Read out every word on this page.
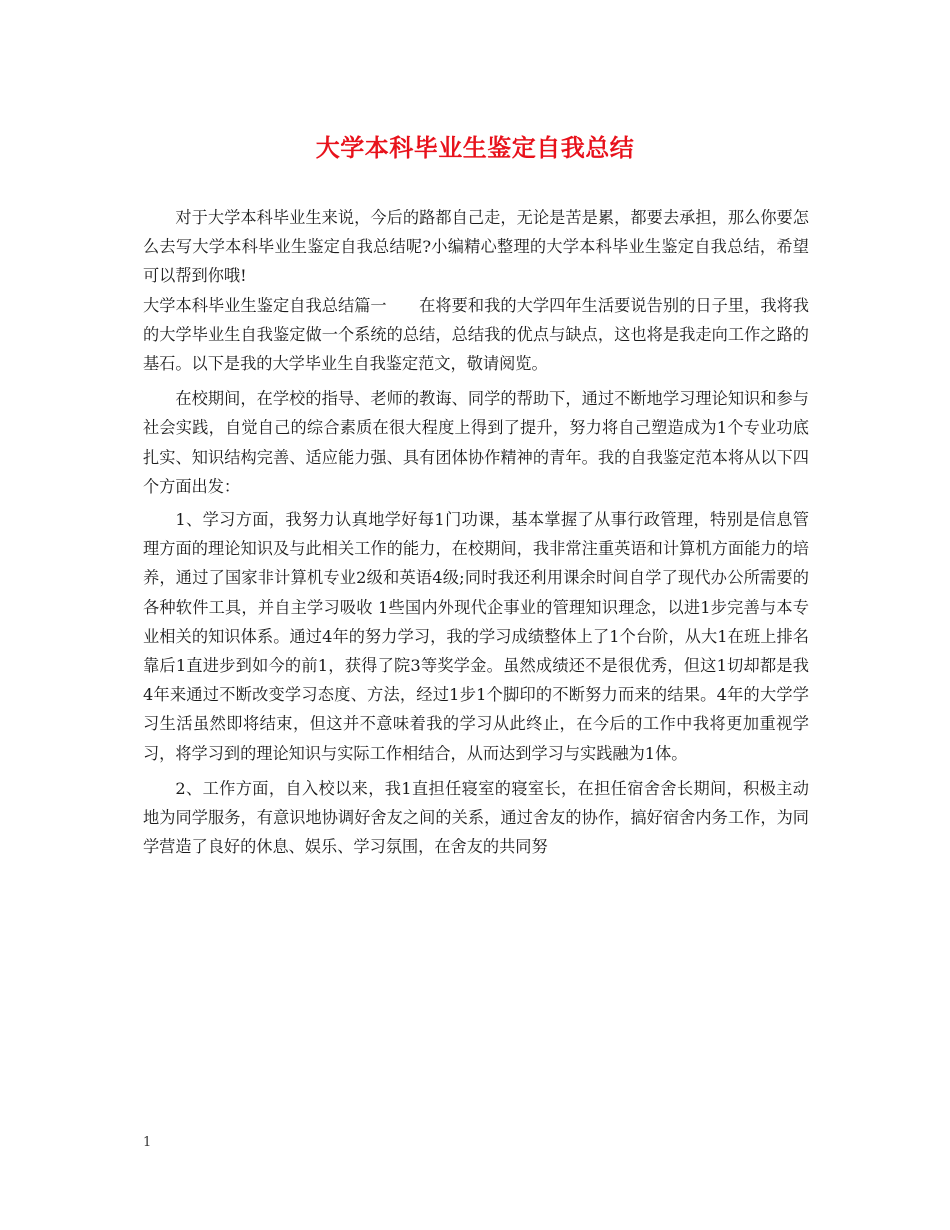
大学本科毕业生鉴定自我总结

对于大学本科毕业生来说，今后的路都自己走，无论是苦是累，都要去承担，那么你要怎么去写大学本科毕业生鉴定自我总结呢?小编精心整理的大学本科毕业生鉴定自我总结，希望可以帮到你哦!

大学本科毕业生鉴定自我总结篇一　　在将要和我的大学四年生活要说告别的日子里，我将我的大学毕业生自我鉴定做一个系统的总结，总结我的优点与缺点，这也将是我走向工作之路的基石。以下是我的大学毕业生自我鉴定范文，敬请阅览。

在校期间，在学校的指导、老师的教诲、同学的帮助下，通过不断地学习理论知识和参与社会实践，自觉自己的综合素质在很大程度上得到了提升，努力将自己塑造成为1个专业功底扎实、知识结构完善、适应能力强、具有团体协作精神的青年。我的自我鉴定范本将从以下四个方面出发：

1、学习方面，我努力认真地学好每1门功课，基本掌握了从事行政管理，特别是信息管理方面的理论知识及与此相关工作的能力，在校期间，我非常注重英语和计算机方面能力的培养，通过了国家非计算机专业2级和英语4级;同时我还利用课余时间自学了现代办公所需要的各种软件工具，并自主学习吸收 1些国内外现代企事业的管理知识理念，以进1步完善与本专业相关的知识体系。通过4年的努力学习，我的学习成绩整体上了1个台阶，从大1在班上排名靠后1直进步到如今的前1，获得了院3等奖学金。虽然成绩还不是很优秀，但这1切却都是我4年来通过不断改变学习态度、方法，经过1步1个脚印的不断努力而来的结果。4年的大学学习生活虽然即将结束，但这并不意味着我的学习从此终止，在今后的工作中我将更加重视学习，将学习到的理论知识与实际工作相结合，从而达到学习与实践融为1体。

2、工作方面，自入校以来，我1直担任寝室的寝室长，在担任宿舍舍长期间，积极主动地为同学服务，有意识地协调好舍友之间的关系，通过舍友的协作，搞好宿舍内务工作，为同学营造了良好的休息、娱乐、学习氛围，在舍友的共同努

1
